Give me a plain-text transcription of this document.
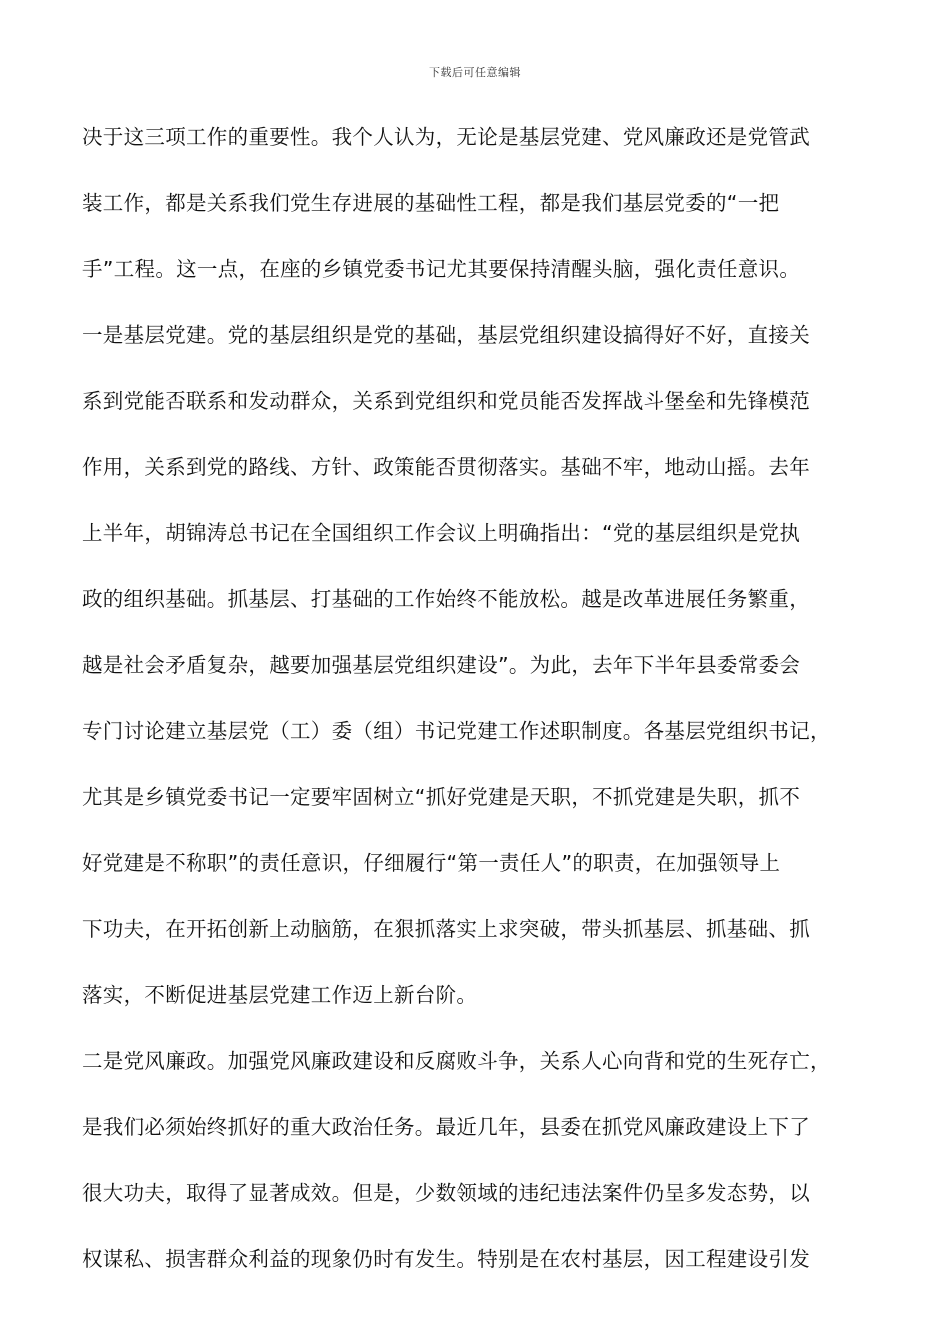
下载后可任意编辑
决于这三项工作的重要性。我个人认为，无论是基层党建、党风廉政还是党管武
装工作，都是关系我们党生存进展的基础性工程，都是我们基层党委的“一把
手”工程。这一点，在座的乡镇党委书记尤其要保持清醒头脑，强化责任意识。
一是基层党建。党的基层组织是党的基础，基层党组织建设搞得好不好，直接关
系到党能否联系和发动群众，关系到党组织和党员能否发挥战斗堡垒和先锋模范
作用，关系到党的路线、方针、政策能否贯彻落实。基础不牢，地动山摇。去年
上半年，胡锦涛总书记在全国组织工作会议上明确指出：“党的基层组织是党执
政的组织基础。抓基层、打基础的工作始终不能放松。越是改革进展任务繁重，
越是社会矛盾复杂，越要加强基层党组织建设”。为此，去年下半年县委常委会
专门讨论建立基层党（工）委（组）书记党建工作述职制度。各基层党组织书记，
尤其是乡镇党委书记一定要牢固树立“抓好党建是天职，不抓党建是失职，抓不
好党建是不称职”的责任意识，仔细履行“第一责任人”的职责，在加强领导上
下功夫，在开拓创新上动脑筋，在狠抓落实上求突破，带头抓基层、抓基础、抓
落实，不断促进基层党建工作迈上新台阶。
二是党风廉政。加强党风廉政建设和反腐败斗争，关系人心向背和党的生死存亡，
是我们必须始终抓好的重大政治任务。最近几年，县委在抓党风廉政建设上下了
很大功夫，取得了显著成效。但是，少数领域的违纪违法案件仍呈多发态势，以
权谋私、损害群众利益的现象仍时有发生。特别是在农村基层，因工程建设引发
